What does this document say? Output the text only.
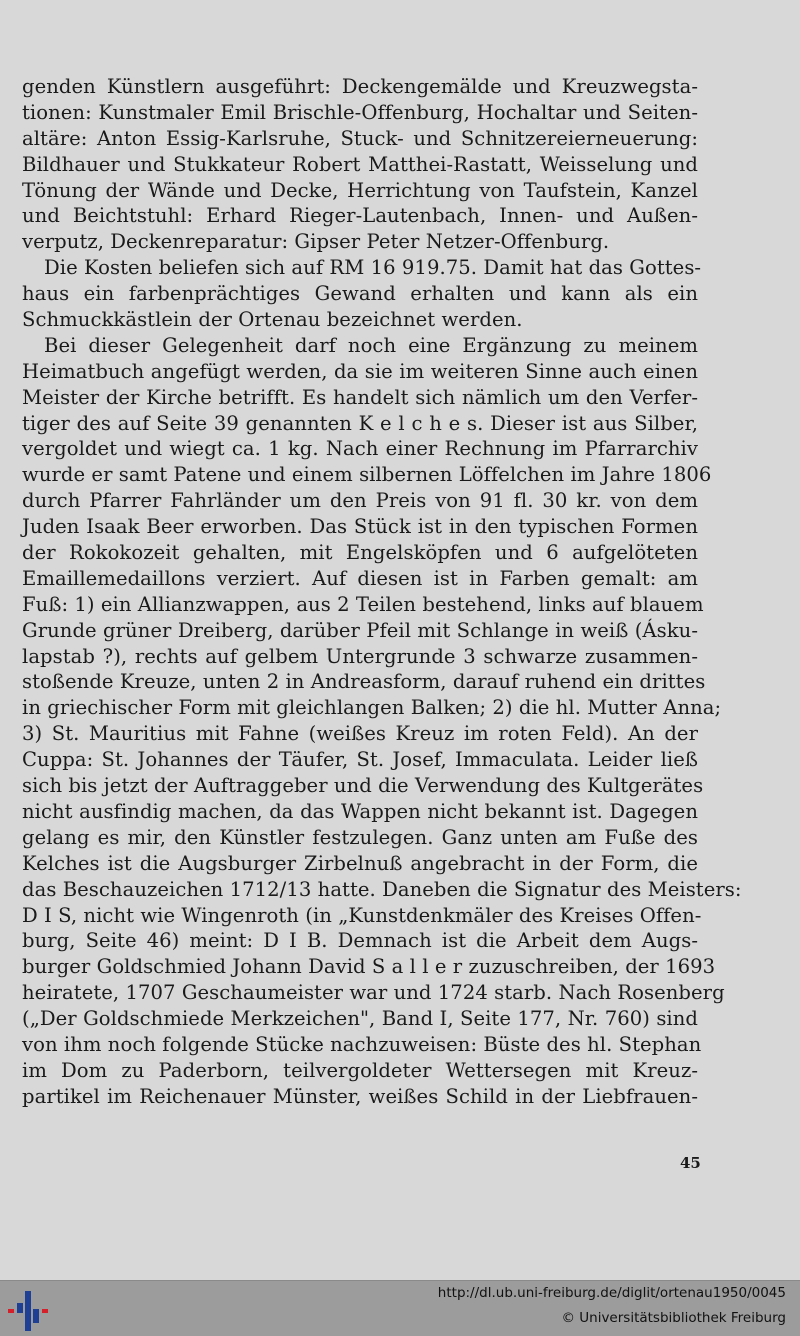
genden Künstlern ausgeführt: Deckengemälde und Kreuzwegsta-
tionen: Kunstmaler Emil Brischle-Offenburg, Hochaltar und Seiten-
altäre: Anton Essig-Karlsruhe, Stuck- und Schnitzereierneuerung:
Bildhauer und Stukkateur Robert Matthei-Rastatt, Weisselung und
Tönung der Wände und Decke, Herrichtung von Taufstein, Kanzel
und Beichtstuhl: Erhard Rieger-Lautenbach, Innen- und Außen-
verputz, Deckenreparatur: Gipser Peter Netzer-Offenburg.
Die Kosten beliefen sich auf RM 16 919.75. Damit hat das Gottes-
haus ein farbenprächtiges Gewand erhalten und kann als ein
Schmuckkästlein der Ortenau bezeichnet werden.
Bei dieser Gelegenheit darf noch eine Ergänzung zu meinem
Heimatbuch angefügt werden, da sie im weiteren Sinne auch einen
Meister der Kirche betrifft. Es handelt sich nämlich um den Verfer-
tiger des auf Seite 39 genannten K e l c h e s. Dieser ist aus Silber,
vergoldet und wiegt ca. 1 kg. Nach einer Rechnung im Pfarrarchiv
wurde er samt Patene und einem silbernen Löffelchen im Jahre 1806
durch Pfarrer Fahrländer um den Preis von 91 fl. 30 kr. von dem
Juden Isaak Beer erworben. Das Stück ist in den typischen Formen
der Rokokozeit gehalten, mit Engelsköpfen und 6 aufgelöteten
Emaillemedaillons verziert. Auf diesen ist in Farben gemalt: am
Fuß: 1) ein Allianzwappen, aus 2 Teilen bestehend, links auf blauem
Grunde grüner Dreiberg, darüber Pfeil mit Schlange in weiß (Ásku-
lapstab ?), rechts auf gelbem Untergrunde 3 schwarze zusammen-
stoßende Kreuze, unten 2 in Andreasform, darauf ruhend ein drittes
in griechischer Form mit gleichlangen Balken; 2) die hl. Mutter Anna;
3) St. Mauritius mit Fahne (weißes Kreuz im roten Feld). An der
Cuppa: St. Johannes der Täufer, St. Josef, Immaculata. Leider ließ
sich bis jetzt der Auftraggeber und die Verwendung des Kultgerätes
nicht ausfindig machen, da das Wappen nicht bekannt ist. Dagegen
gelang es mir, den Künstler festzulegen. Ganz unten am Fuße des
Kelches ist die Augsburger Zirbelnuß angebracht in der Form, die
das Beschauzeichen 1712/13 hatte. Daneben die Signatur des Meisters:
D I S, nicht wie Wingenroth (in „Kunstdenkmäler des Kreises Offen-
burg, Seite 46) meint: D I B. Demnach ist die Arbeit dem Augs-
burger Goldschmied Johann David S a l l e r zuzuschreiben, der 1693
heiratete, 1707 Geschaumeister war und 1724 starb. Nach Rosenberg
(„Der Goldschmiede Merkzeichen", Band I, Seite 177, Nr. 760) sind
von ihm noch folgende Stücke nachzuweisen: Büste des hl. Stephan
im Dom zu Paderborn, teilvergoldeter Wettersegen mit Kreuz-
partikel im Reichenauer Münster, weißes Schild in der Liebfrauen-
45
http://dl.ub.uni-freiburg.de/diglit/ortenau1950/0045
© Universitätsbibliothek Freiburg
